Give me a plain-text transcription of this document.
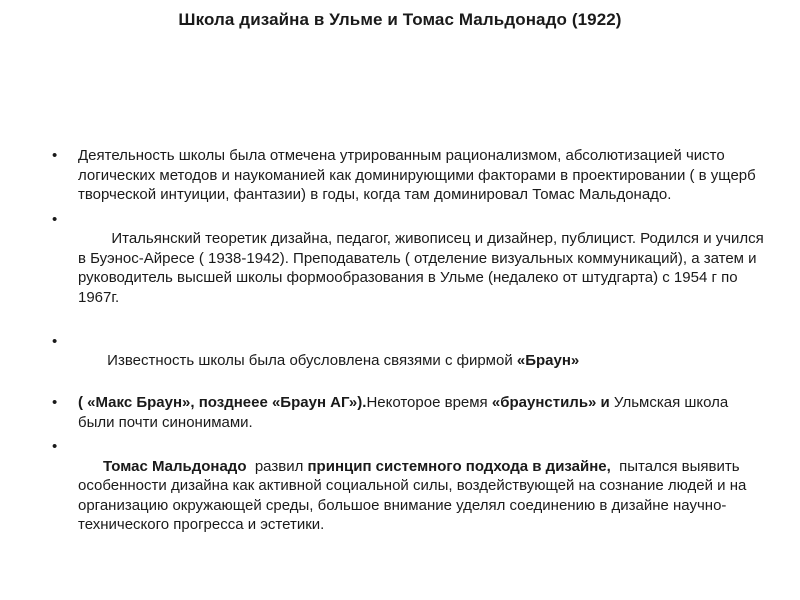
Школа дизайна в Ульме и Томас Мальдонадо (1922)
• Деятельность школы была отмечена утрированным рационализмом, абсолютизацией чисто логических методов и наукоманией как доминирующими факторами в проектировании ( в ущерб творческой интуиции, фантазии) в годы, когда там доминировал Томас Мальдонадо.

•
Итальянский теоретик дизайна, педагог, живописец и дизайнер, публицист. Родился и учился в Буэнос-Айресе ( 1938-1942). Преподаватель ( отделение визуальных коммуникаций), а затем и руководитель высшей школы формообразования в Ульме (недалеко от штудгарта) с 1954 г по 1967г.

•
Известность школы была обусловлена связями с фирмой «Браун»

• ( «Макс Браун», позднеее «Браун АГ»).Некоторое время «браунстиль» и Ульмская школа были почти синонимами.

•
Томас Мальдонадо  развил принцип системного подхода в дизайне,  пытался выявить особенности дизайна как активной социальной силы, воздействующей на сознание людей и на организацию окружающей среды, большое внимание уделял соединению в дизайне научно-технического прогресса и эстетики.
